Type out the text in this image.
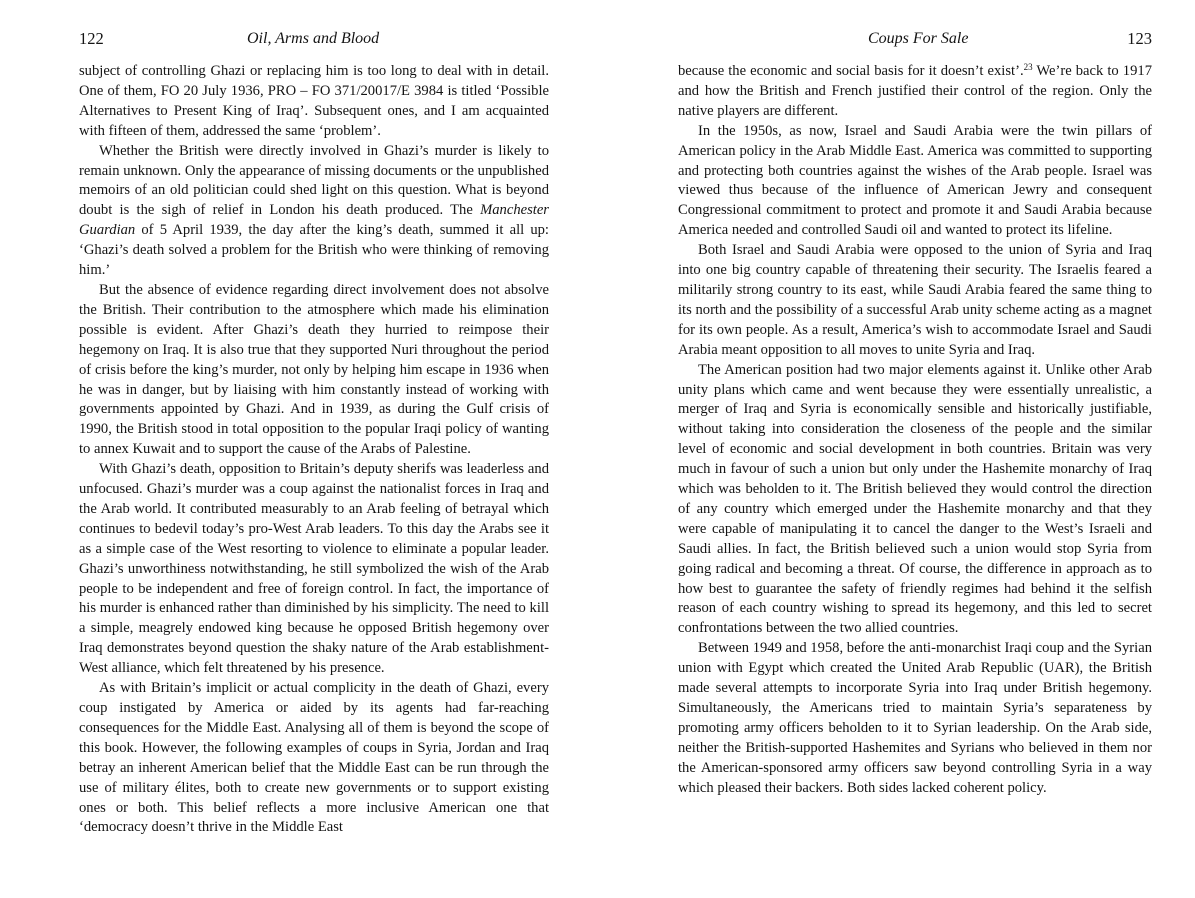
122	Oil, Arms and Blood

subject of controlling Ghazi or replacing him is too long to deal with in detail. One of them, FO 20 July 1936, PRO – FO 371/20017/E 3984 is titled ‘Possible Alternatives to Present King of Iraq’. Subsequent ones, and I am acquainted with fifteen of them, addressed the same ‘problem’.

Whether the British were directly involved in Ghazi’s murder is likely to remain unknown. Only the appearance of missing documents or the unpublished memoirs of an old politician could shed light on this question. What is beyond doubt is the sigh of relief in London his death produced. The Manchester Guardian of 5 April 1939, the day after the king’s death, summed it all up: ‘Ghazi’s death solved a problem for the British who were thinking of removing him.’

But the absence of evidence regarding direct involvement does not absolve the British. Their contribution to the atmosphere which made his elimination possible is evident. After Ghazi’s death they hurried to reimpose their hegemony on Iraq. It is also true that they supported Nuri throughout the period of crisis before the king’s murder, not only by helping him escape in 1936 when he was in danger, but by liaising with him constantly instead of working with governments appointed by Ghazi. And in 1939, as during the Gulf crisis of 1990, the British stood in total opposition to the popular Iraqi policy of wanting to annex Kuwait and to support the cause of the Arabs of Palestine.

With Ghazi’s death, opposition to Britain’s deputy sherifs was leaderless and unfocused. Ghazi’s murder was a coup against the nationalist forces in Iraq and the Arab world. It contributed measurably to an Arab feeling of betrayal which continues to bedevil today’s pro-West Arab leaders. To this day the Arabs see it as a simple case of the West resorting to violence to eliminate a popular leader. Ghazi’s unworthiness notwithstanding, he still symbolized the wish of the Arab people to be independent and free of foreign control. In fact, the importance of his murder is enhanced rather than diminished by his simplicity. The need to kill a simple, meagrely endowed king because he opposed British hegemony over Iraq demonstrates beyond question the shaky nature of the Arab establishment-West alliance, which felt threatened by his presence.

As with Britain’s implicit or actual complicity in the death of Ghazi, every coup instigated by America or aided by its agents had far-reaching consequences for the Middle East. Analysing all of them is beyond the scope of this book. However, the following examples of coups in Syria, Jordan and Iraq betray an inherent American belief that the Middle East can be run through the use of military élites, both to create new governments or to support existing ones or both. This belief reflects a more inclusive American one that ‘democracy doesn’t thrive in the Middle East

Coups For Sale	123

because the economic and social basis for it doesn’t exist’.$^{23}$ We’re back to 1917 and how the British and French justified their control of the region. Only the native players are different.

In the 1950s, as now, Israel and Saudi Arabia were the twin pillars of American policy in the Arab Middle East. America was committed to supporting and protecting both countries against the wishes of the Arab people. Israel was viewed thus because of the influence of American Jewry and consequent Congressional commitment to protect and promote it and Saudi Arabia because America needed and controlled Saudi oil and wanted to protect its lifeline.

Both Israel and Saudi Arabia were opposed to the union of Syria and Iraq into one big country capable of threatening their security. The Israelis feared a militarily strong country to its east, while Saudi Arabia feared the same thing to its north and the possibility of a successful Arab unity scheme acting as a magnet for its own people. As a result, America’s wish to accommodate Israel and Saudi Arabia meant opposition to all moves to unite Syria and Iraq.

The American position had two major elements against it. Unlike other Arab unity plans which came and went because they were essentially unrealistic, a merger of Iraq and Syria is economically sensible and historically justifiable, without taking into consideration the closeness of the people and the similar level of economic and social development in both countries. Britain was very much in favour of such a union but only under the Hashemite monarchy of Iraq which was beholden to it. The British believed they would control the direction of any country which emerged under the Hashemite monarchy and that they were capable of manipulating it to cancel the danger to the West’s Israeli and Saudi allies. In fact, the British believed such a union would stop Syria from going radical and becoming a threat. Of course, the difference in approach as to how best to guarantee the safety of friendly regimes had behind it the selfish reason of each country wishing to spread its hegemony, and this led to secret confrontations between the two allied countries.

Between 1949 and 1958, before the anti-monarchist Iraqi coup and the Syrian union with Egypt which created the United Arab Republic (UAR), the British made several attempts to incorporate Syria into Iraq under British hegemony. Simultaneously, the Americans tried to maintain Syria’s separateness by promoting army officers beholden to it to Syrian leadership. On the Arab side, neither the British-supported Hashemites and Syrians who believed in them nor the American-sponsored army officers saw beyond controlling Syria in a way which pleased their backers. Both sides lacked coherent policy.
